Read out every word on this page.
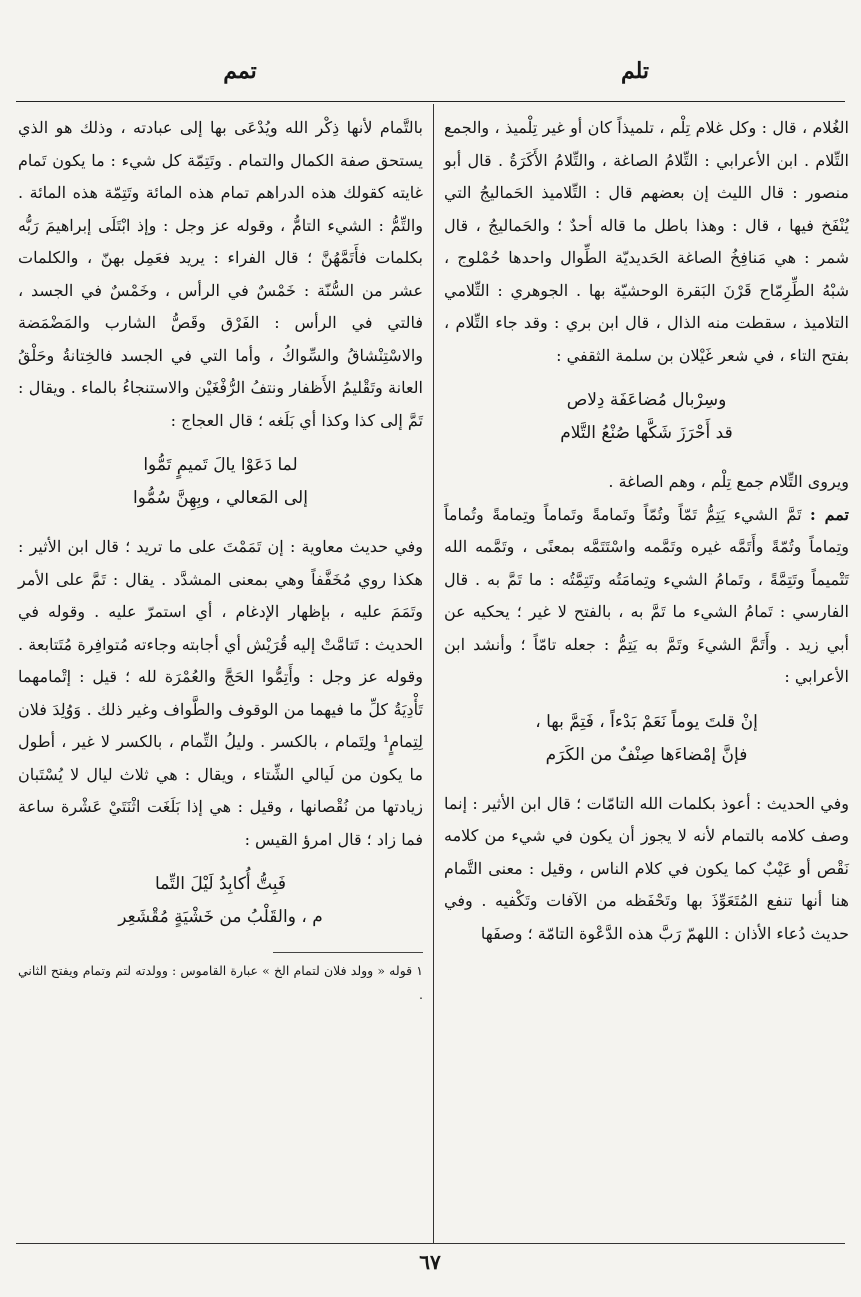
تلم
تمم

الغُلام ، قال : وكل غلام تِلْم ، تلميذاً كان أو غير تِلْميذ ، والجمع التِّلام . ابن الأعرابي : التِّلامُ الصاغة ، والتِّلامُ الأَكَرَةُ . قال أبو منصور : قال الليث إن بعضهم قال : التِّلاميذ الحَماليجُ التي يُنْفَخ فيها ، قال : وهذا باطل ما قاله أحدٌ ؛ والحَماليجُ ، قال شمر : هي مَنافِخُ الصاغة الحَديديّة الطِّوال واحدها حُمْلوج ، شبْهُ الطِّرِمّاح قَرْنَ البَقرة الوحشيّة بها . الجوهري : التِّلامي التلاميذ ، سقطت منه الذال ، قال ابن بري : وقد جاء التِّلام ، بفتح التاء ، في شعر غَيْلان بن سلمة الثقفي :

وسِرْبال مُضاعَفَة دِلاص
قد أَحْرَزَ شَكَّها صُنْعُ التَّلام

ويروى التِّلام جمع تِلْم ، وهم الصاغة .

تمم : تَمَّ الشيء يَتِمُّ تَمّاً وتُمّاً وتَمامةً وتَماماً وتِمامةً وتُماماً وتِماماً وتُمّةً وأَتَمَّه غيره وتَمَّمه واسْتَتَمَّه بمعنًى ، وتَمَّمه الله تَتْميماً وتَتِمَّةً ، وتَمامُ الشيء وتِمامَتُه وتَتِمَّتُه : ما تَمَّ به . قال الفارسي : تَمامُ الشيء ما تَمَّ به ، بالفتح لا غير ؛ يحكيه عن أبي زيد . وأَتَمَّ الشيءَ وتَمَّ به يَتِمُّ : جعله تامّاً ؛ وأنشد ابن الأعرابي :

إنْ قلتَ يوماً نَعَمْ بَدْءاً ، فَتِمَّ بها ،
فإنَّ إمْضاءَها صِنْفٌ من الكَرَم

وفي الحديث : أعوذ بكلمات الله التامّات ؛ قال ابن الأثير : إنما وصف كلامه بالتمام لأنه لا يجوز أن يكون في شيء من كلامه نَقْص أو عَيْبٌ كما يكون في كلام الناس ، وقيل : معنى التَّمام هنا أنها تنفع المُتَعَوِّذَ بها وتَحْفَظه من الآفات وتَكْفيه . وفي حديث دُعاء الأذان : اللهمّ رَبَّ هذه الدَّعْوة التامّة ؛ وصفَها

بالتَّمام لأنها ذِكْر الله ويُدْعَى بها إلى عبادته ، وذلك هو الذي يستحق صفة الكمال والتمام . وتَتِمّة كل شيء : ما يكون تَمام غايته كقولك هذه الدراهم تمام هذه المائة وتَتِمّة هذه المائة . والتِّمُّ : الشيء التامُّ ، وقوله عز وجل : وإذ ابْتَلَى إبراهيمَ رَبُّه بكلمات فأَتَمَّهُنَّ ؛ قال الفراء : يريد فعَمِل بهنّ ، والكلمات عشر من السُّنّة : خَمْسٌ في الرأس ، وخَمْسٌ في الجسد ، فالتي في الرأس : الفَرْق وقَصُّ الشارب والمَضْمَضة والاسْتِنْشاقُ والسِّواكُ ، وأما التي في الجسد فالخِتانةُ وحَلْقُ العانة وتَقْليمُ الأَظفار ونتفُ الرُّفْغَيْن والاستنجاءُ بالماء . ويقال : تَمَّ إلى كذا وكذا أي بَلَغه ؛ قال العجاج :

لما دَعَوْا يالَ تَميمٍ تَمُّوا
إلى المَعالي ، وبِهِنَّ سُمُّوا

وفي حديث معاوية : إن تَمَمْتَ على ما تريد ؛ قال ابن الأثير : هكذا روي مُخَفَّفاً وهي بمعنى المشدَّد . يقال : تَمَّ على الأمر وتَمَمَ عليه ، بإظهار الإدغام ، أي استمرّ عليه . وقوله في الحديث : تَتامَّتْ إليه قُرَيْش أي أجابته وجاءته مُتوافِرة مُتَتابعة . وقوله عز وجل : وأَتِمُّوا الحَجَّ والعُمْرَة لله ؛ قيل : إتْمامهما تَأْدِيَةُ كلِّ ما فيهما من الوقوف والطَّواف وغير ذلك . وَوُلِدَ فلان لِتِمامٍ¹ ولِتَمام ، بالكسر . وليلُ التِّمام ، بالكسر لا غير ، أطول ما يكون من لَيالي الشِّتاء ، ويقال : هي ثلاث ليال لا يُسْتَبان زيادتها من نُقْصانها ، وقيل : هي إذا بَلَغَت اثْنَتَيْ عَشْرة ساعة فما زاد ؛ قال امرؤ القيس :

فَبِتُّ أُكابِدُ لَيْلَ التِّما
م ، والقَلْبُ من خَشْيَةٍ مُقْشَعِر

١ قوله « وولد فلان لتمام الخ » عبارة القاموس : وولدته لتم وتمام ويفتح الثاني .

٦٧
